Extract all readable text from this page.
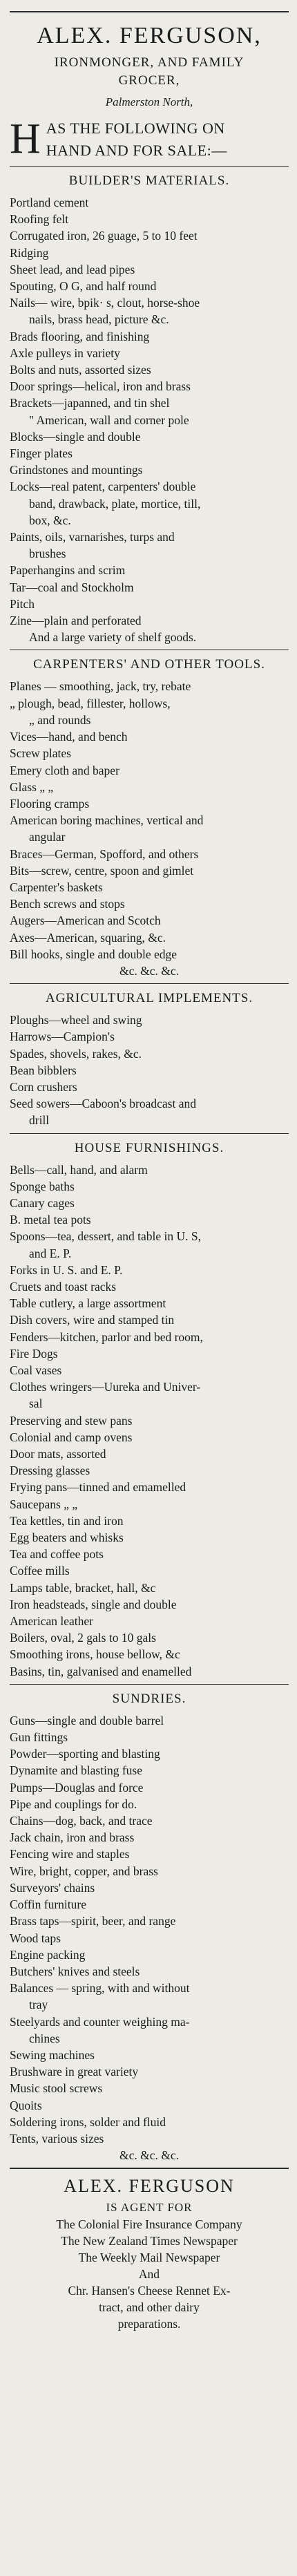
ALEX. FERGUSON,
IRONMONGER, AND FAMILY
GROCER,
Palmerston North,
H AS THE FOLLOWING ON
HAND AND FOR SALE:—
BUILDER'S MATERIALS.
Portland cement
Roofing felt
Corrugated iron, 26 guage, 5 to 10 feet
Ridging
Sheet lead, and lead pipes
Spouting, O G, and half round
Nails— wire, bpik· s, clout, horse-shoe
nails, brass head, picture &c.
Brads flooring, and finishing
Axle pulleys in variety
Bolts and nuts, assorted sizes
Door springs—helical, iron and brass
Brackets—japanned, and tin shel
" American, wall and corner pole
Blocks—single and double
Finger plates
Grindstones and mountings
Locks—real patent, carpenters' double
band, drawback, plate, mortice, till,
box, &c.
Paints, oils, varnarishes, turps and
brushes
Paperhangins and scrim
Tar—coal and Stockholm
Pitch
Zine—plain and perforated
And a large variety of shelf goods.
CARPENTERS' AND OTHER TOOLS.
Planes — smoothing, jack, try, rebate
„ plough, bead, fillester, hollows,
„ and rounds
Vices—hand, and bench
Screw plates
Emery cloth and baper
Glass „ „
Flooring cramps
American boring machines, vertical and
angular
Braces—German, Spofford, and others
Bits—screw, centre, spoon and gimlet
Carpenter's baskets
Bench screws and stops
Augers—American and Scotch
Axes—American, squaring, &c.
Bill hooks, single and double edge
&c. &c. &c.
AGRICULTURAL IMPLEMENTS.
Ploughs—wheel and swing
Harrows—Campion's
Spades, shovels, rakes, &c.
Bean bibblers
Corn crushers
Seed sowers—Caboon's broadcast and
drill
HOUSE FURNISHINGS.
Bells—call, hand, and alarm
Sponge baths
Canary cages
B. metal tea pots
Spoons—tea, dessert, and table in U. S,
and E. P.
Forks in U. S. and E. P.
Cruets and toast racks
Table cutlery, a large assortment
Dish covers, wire and stamped tin
Fenders—kitchen, parlor and bed room,
Fire Dogs
Coal vases
Clothes wringers—Uureka and Univer-
sal
Preserving and stew pans
Colonial and camp ovens
Door mats, assorted
Dressing glasses
Frying pans—tinned and emamelled
Saucepans „ „
Tea kettles, tin and iron
Egg beaters and whisks
Tea and coffee pots
Coffee mills
Lamps table, bracket, hall, &c
Iron headsteads, single and double
American leather
Boilers, oval, 2 gals to 10 gals
Smoothing irons, house bellow, &c
Basins, tin, galvanised and enamelled
SUNDRIES.
Guns—single and double barrel
Gun fittings
Powder—sporting and blasting
Dynamite and blasting fuse
Pumps—Douglas and force
Pipe and couplings for do.
Chains—dog, back, and trace
Jack chain, iron and brass
Fencing wire and staples
Wire, bright, copper, and brass
Surveyors' chains
Coffin furniture
Brass taps—spirit, beer, and range
Wood taps
Engine packing
Butchers' knives and steels
Balances — spring, with and without
tray
Steelyards and counter weighing ma-
chines
Sewing machines
Brushware in great variety
Music stool screws
Quoits
Soldering irons, solder and fluid
Tents, various sizes
&c. &c. &c.
ALEX. FERGUSON
IS AGENT FOR
The Colonial Fire Insurance Company
The New Zealand Times Newspaper
The Weekly Mail Newspaper
And
Chr. Hansen's Cheese Rennet Ex-
tract, and other dairy
preparations.
